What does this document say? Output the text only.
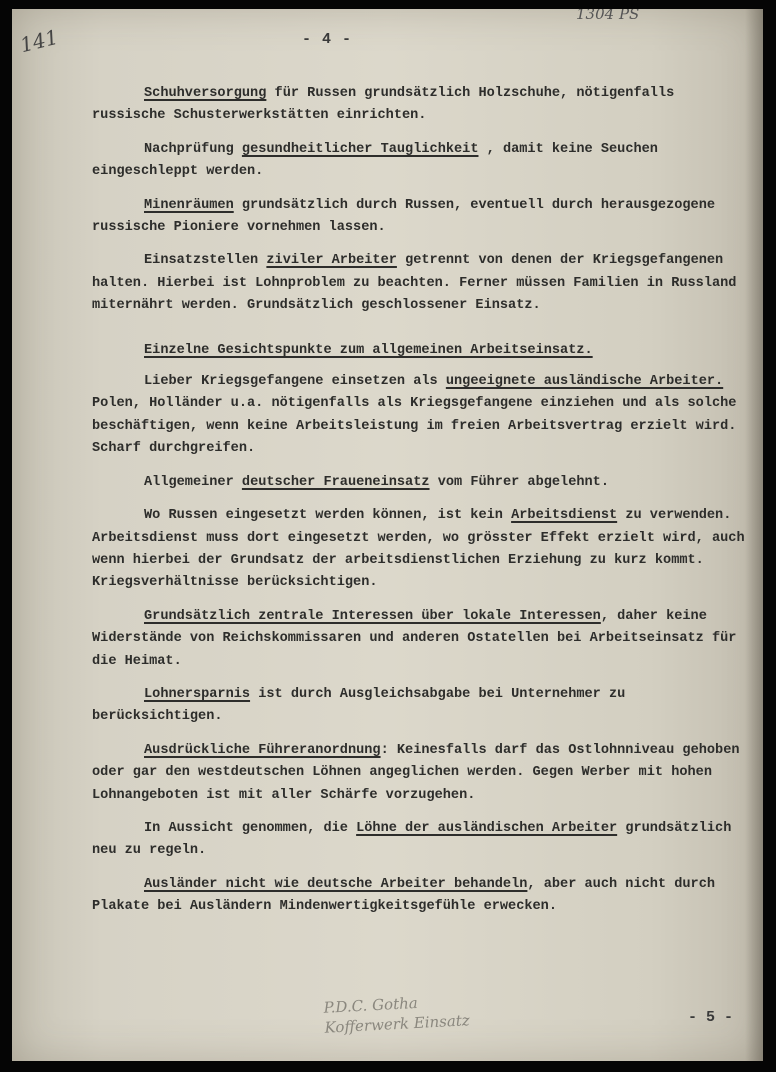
141
1304 PS
- 4 -

Schuhversorgung für Russen grundsätzlich Holzschuhe, nötigenfalls russische Schusterwerkstätten einrichten.

Nachprüfung gesundheitlicher Tauglichkeit , damit keine Seuchen eingeschleppt werden.

Minenräumen grundsätzlich durch Russen, eventuell durch herausgezogene russische Pioniere vornehmen lassen.

Einsatzstellen ziviler Arbeiter getrennt von denen der Kriegsgefangenen halten. Hierbei ist Lohnproblem zu beachten. Ferner müssen Familien in Russland miternährt werden. Grundsätzlich geschlossener Einsatz.

Einzelne Gesichtspunkte zum allgemeinen Arbeitseinsatz.

Lieber Kriegsgefangene einsetzen als ungeeignete ausländische Arbeiter. Polen, Holländer u.a. nötigenfalls als Kriegsgefangene einziehen und als solche beschäftigen, wenn keine Arbeitsleistung im freien Arbeitsvertrag erzielt wird. Scharf durchgreifen.

Allgemeiner deutscher Fraueneinsatz vom Führer abgelehnt.

Wo Russen eingesetzt werden können, ist kein Arbeitsdienst zu verwenden. Arbeitsdienst muss dort eingesetzt werden, wo grösster Effekt erzielt wird, auch wenn hierbei der Grundsatz der arbeitsdienstlichen Erziehung zu kurz kommt. Kriegsverhältnisse berücksichtigen.

Grundsätzlich zentrale Interessen über lokale Interessen, daher keine Widerstände von Reichskommissaren und anderen Ostatellen bei Arbeitseinsatz für die Heimat.

Lohnersparnis ist durch Ausgleichsabgabe bei Unternehmer zu berücksichtigen.

Ausdrückliche Führeranordnung: Keinesfalls darf das Ostlohnniveau gehoben oder gar den westdeutschen Löhnen angeglichen werden. Gegen Werber mit hohen Lohnangeboten ist mit aller Schärfe vorzugehen.

In Aussicht genommen, die Löhne der ausländischen Arbeiter grundsätzlich neu zu regeln.

Ausländer nicht wie deutsche Arbeiter behandeln, aber auch nicht durch Plakate bei Ausländern Mindenwertigkeitsgefühle erwecken.

P.D.C. Gotha
Kofferwerk Einsatz	- 5 -
